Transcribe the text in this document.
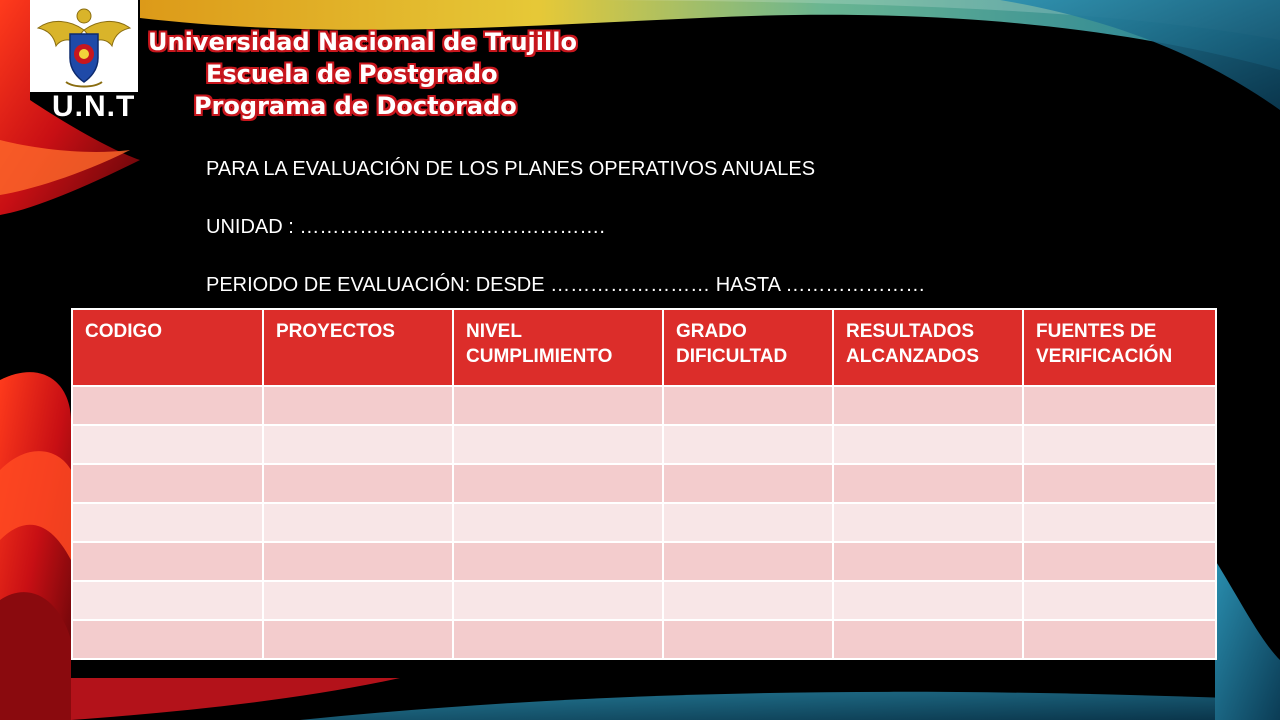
U.N.T
Universidad Nacional de Trujillo
Escuela de Postgrado
Programa de Doctorado
PARA LA EVALUACIÓN DE LOS PLANES OPERATIVOS ANUALES
UNIDAD : ……………………………………….
PERIODO DE EVALUACIÓN: DESDE …………………… HASTA …………………
CODIGO	PROYECTOS	NIVEL CUMPLIMIENTO	GRADO DIFICULTAD	RESULTADOS ALCANZADOS	FUENTES DE VERIFICACIÓN
